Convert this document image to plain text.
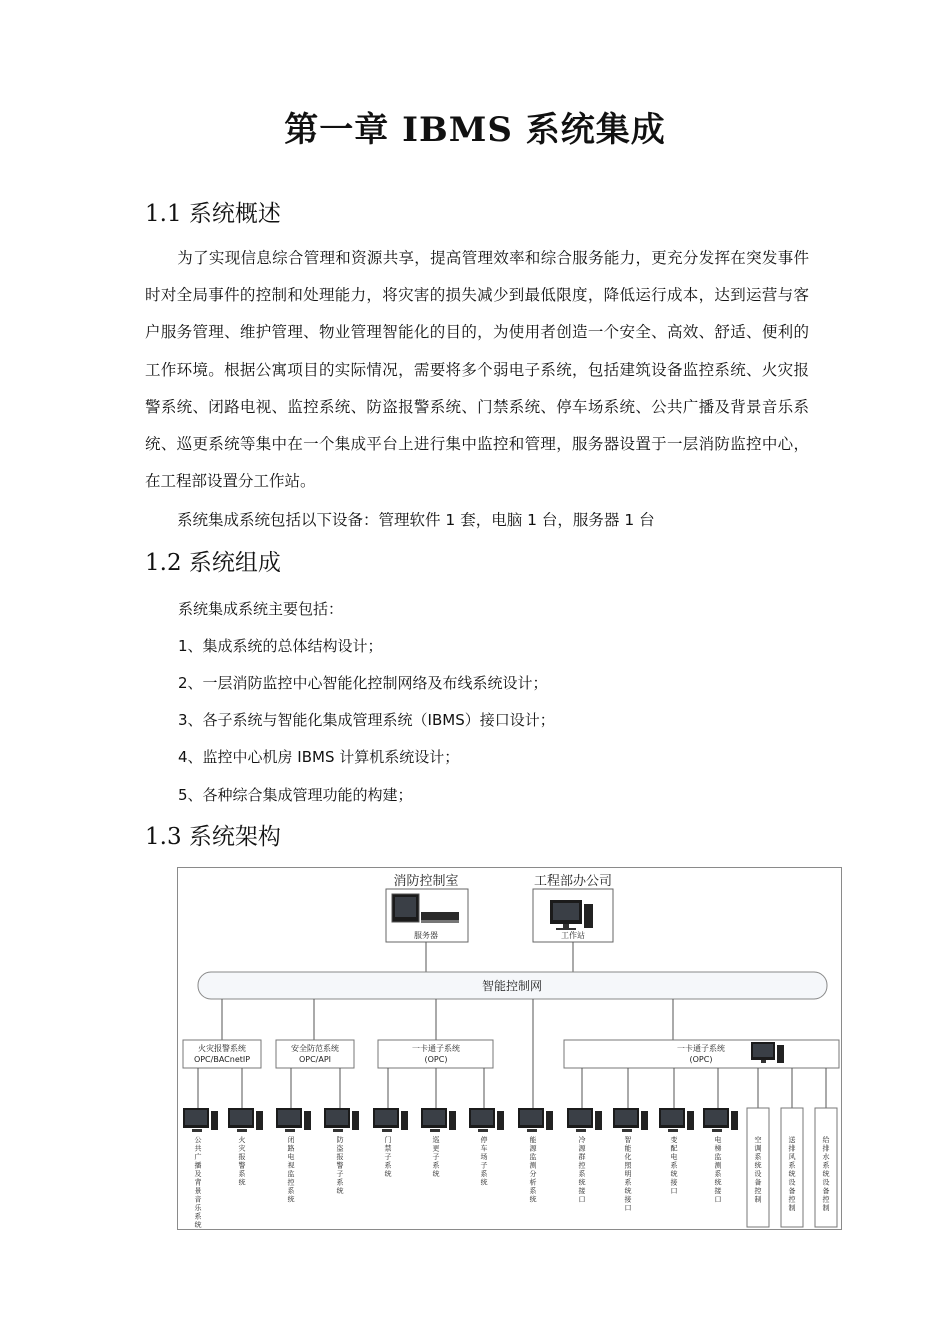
第一章 IBMS 系统集成
1.1 系统概述

为了实现信息综合管理和资源共享，提高管理效率和综合服务能力，更充分发挥在突发事件时对全局事件的控制和处理能力，将灾害的损失减少到最低限度，降低运行成本，达到运营与客户服务管理、维护管理、物业管理智能化的目的，为使用者创造一个安全、高效、舒适、便利的工作环境。根据公寓项目的实际情况，需要将多个弱电子系统，包括建筑设备监控系统、火灾报警系统、闭路电视、监控系统、防盗报警系统、门禁系统、停车场系统、公共广播及背景音乐系统、巡更系统等集中在一个集成平台上进行集中监控和管理，服务器设置于一层消防监控中心，在工程部设置分工作站。

系统集成系统包括以下设备：管理软件 1 套，电脑 1 台，服务器 1 台

1.2 系统组成

系统集成系统主要包括：

1、集成系统的总体结构设计；

2、一层消防监控中心智能化控制网络及布线系统设计；

3、各子系统与智能化集成管理系统（IBMS）接口设计；

4、监控中心机房 IBMS 计算机系统设计；

5、各种综合集成管理功能的构建；

1.3 系统架构
消防控制室
服务器
工程部办公司
工作站
智能控制网
火灾报警系统
OPC/BACnetIP
安全防范系统
OPC/API
一卡通子系统
(OPC)
一卡通子系统
(OPC)
公共广播及背景音乐系统	火灾报警系统	闭路电视监控系统	防盗报警子系统	门禁子系统	巡更子系统	停车场子系统	能源监测分析系统	冷源群控系统接口	智能化照明系统接口	变配电系统接口	电梯监测系统接口	空调系统设备控制	送排风系统设备控制	给排水系统设备控制
